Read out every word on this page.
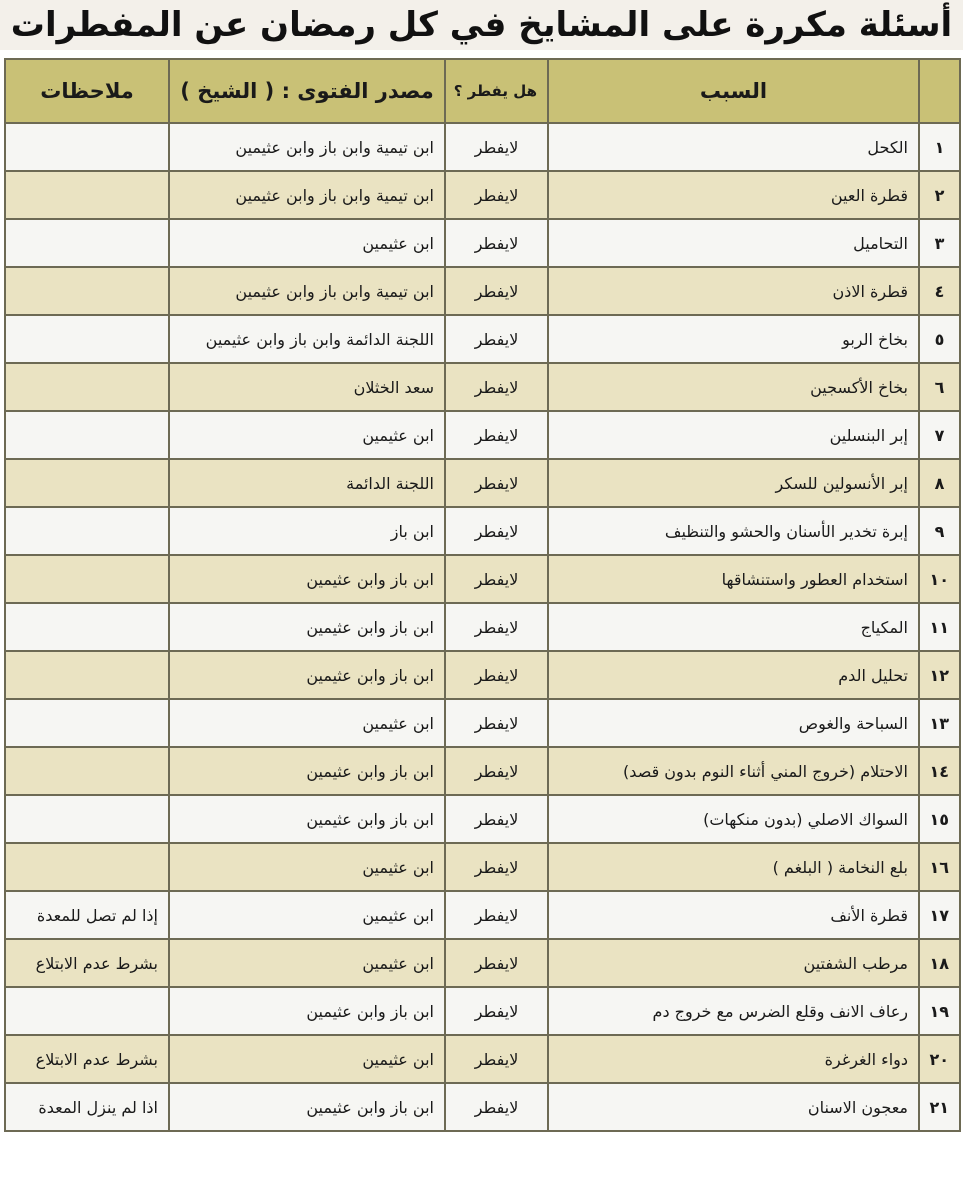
أسئلة مكررة على المشايخ في كل رمضان عن المفطرات
	السبب	هل يفطر ؟	مصدر الفتوى : ( الشيخ )	ملاحظات
١	الكحل	لايفطر	ابن تيمية وابن باز وابن عثيمين	
٢	قطرة العين	لايفطر	ابن تيمية وابن باز وابن عثيمين	
٣	التحاميل	لايفطر	ابن عثيمين	
٤	قطرة الاذن	لايفطر	ابن تيمية وابن باز وابن عثيمين	
٥	بخاخ الربو	لايفطر	اللجنة الدائمة وابن باز وابن عثيمين	
٦	بخاخ الأكسجين	لايفطر	سعد الخثلان	
٧	إبر البنسلين	لايفطر	ابن عثيمين	
٨	إبر الأنسولين للسكر	لايفطر	اللجنة الدائمة	
٩	إبرة تخدير الأسنان والحشو والتنظيف	لايفطر	ابن باز	
١٠	استخدام العطور واستنشاقها	لايفطر	ابن باز وابن عثيمين	
١١	المكياج	لايفطر	ابن باز وابن عثيمين	
١٢	تحليل الدم	لايفطر	ابن باز وابن عثيمين	
١٣	السباحة والغوص	لايفطر	ابن عثيمين	
١٤	الاحتلام (خروج المني أثناء النوم بدون قصد)	لايفطر	ابن باز وابن عثيمين	
١٥	السواك الاصلي (بدون منكهات)	لايفطر	ابن باز وابن عثيمين	
١٦	بلع النخامة ( البلغم )	لايفطر	ابن عثيمين	
١٧	قطرة الأنف	لايفطر	ابن عثيمين	إذا لم تصل للمعدة
١٨	مرطب الشفتين	لايفطر	ابن عثيمين	بشرط عدم الابتلاع
١٩	رعاف الانف وقلع الضرس مع خروج دم	لايفطر	ابن باز وابن عثيمين	
٢٠	دواء الغرغرة	لايفطر	ابن عثيمين	بشرط عدم الابتلاع
٢١	معجون الاسنان	لايفطر	ابن باز وابن عثيمين	اذا لم ينزل المعدة
